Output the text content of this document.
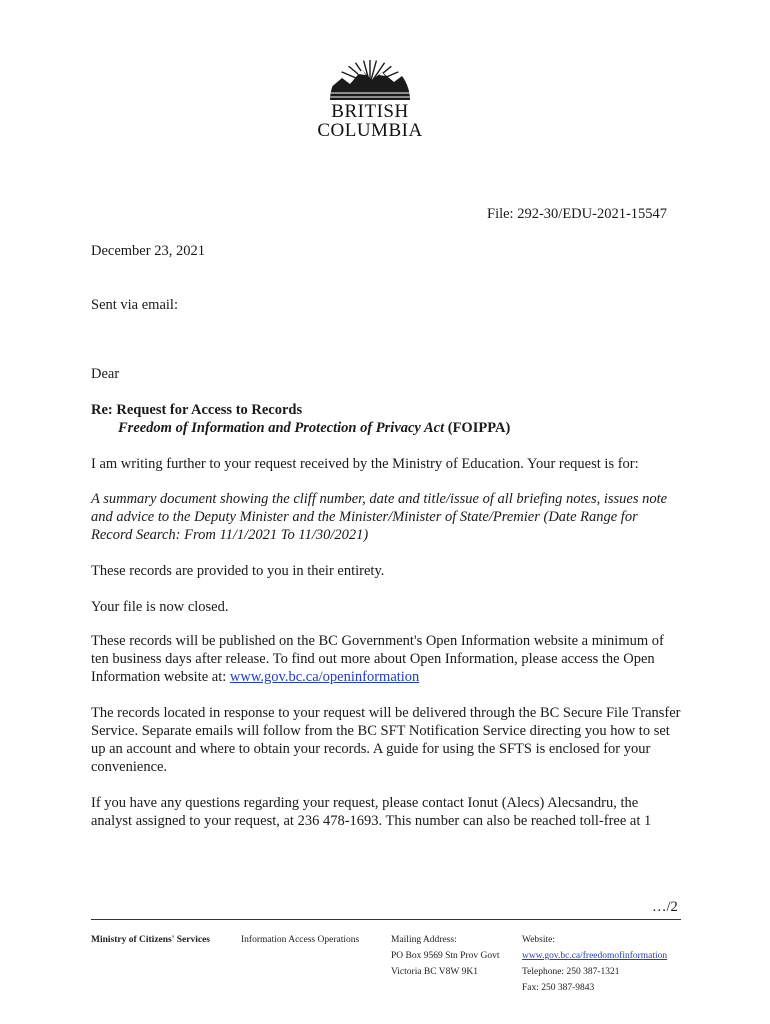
BRITISH
COLUMBIA
File: 292-30/EDU-2021-15547
December 23, 2021
Sent via email:
Dear
Re: Request for Access to Records
Freedom of Information and Protection of Privacy Act (FOIPPA)
I am writing further to your request received by the Ministry of Education. Your request is for:
A summary document showing the cliff number, date and title/issue of all briefing notes, issues note and advice to the Deputy Minister and the Minister/Minister of State/Premier (Date Range for Record Search: From 11/1/2021 To 11/30/2021)
These records are provided to you in their entirety.
Your file is now closed.
These records will be published on the BC Government's Open Information website a minimum of ten business days after release. To find out more about Open Information, please access the Open Information website at: www.gov.bc.ca/openinformation
The records located in response to your request will be delivered through the BC Secure File Transfer Service. Separate emails will follow from the BC SFT Notification Service directing you how to set up an account and where to obtain your records. A guide for using the SFTS is enclosed for your convenience.
If you have any questions regarding your request, please contact Ionut (Alecs) Alecsandru, the analyst assigned to your request, at 236 478-1693. This number can also be reached toll-free at 1
…/2
Ministry of Citizens' Services	Information Access Operations	Mailing Address:
PO Box 9569 Stn Prov Govt
Victoria BC V8W 9K1
Website:
www.gov.bc.ca/freedomofinformation
Telephone: 250 387-1321
Fax: 250 387-9843
